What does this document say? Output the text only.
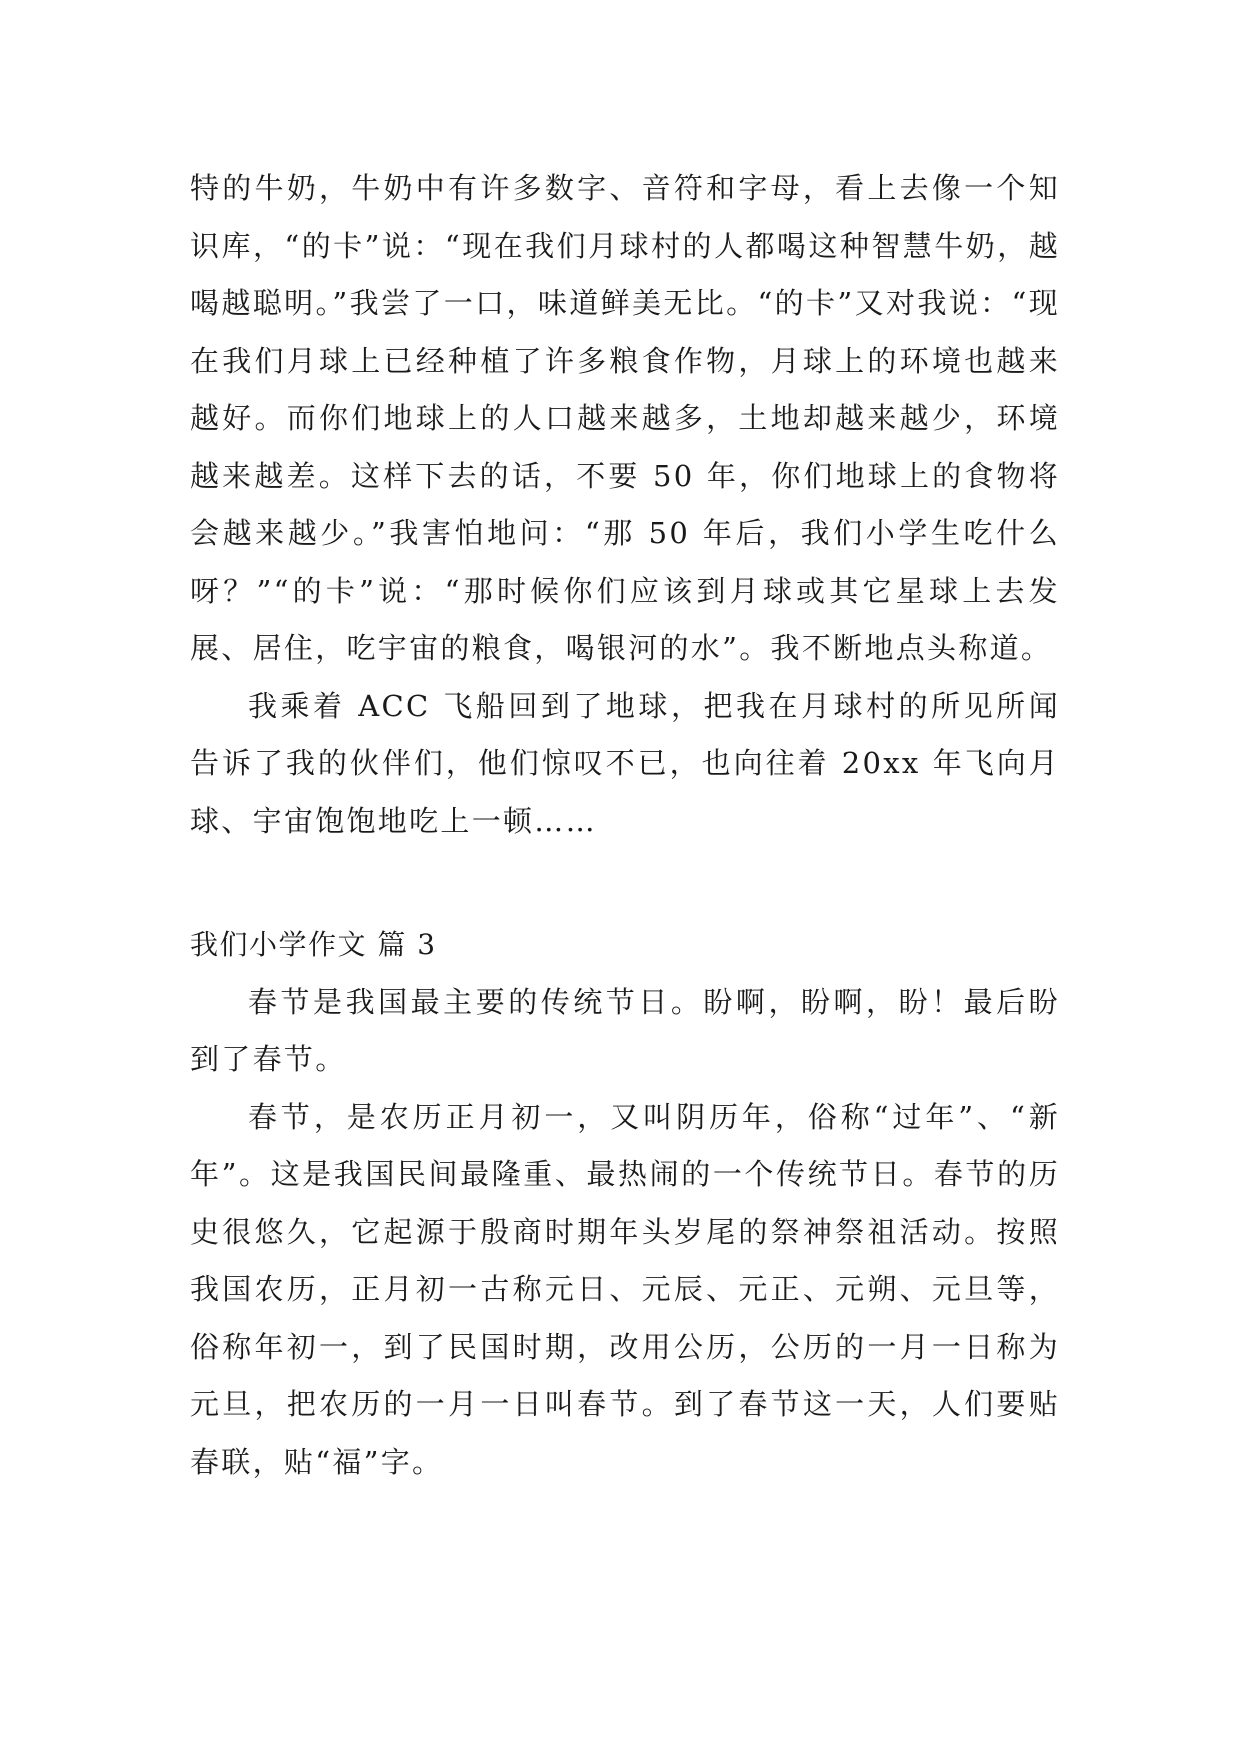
特的牛奶，牛奶中有许多数字、音符和字母，看上去像一个知识库，“的卡”说：“现在我们月球村的人都喝这种智慧牛奶，越喝越聪明。”我尝了一口，味道鲜美无比。“的卡”又对我说：“现在我们月球上已经种植了许多粮食作物，月球上的环境也越来越好。而你们地球上的人口越来越多，土地却越来越少，环境越来越差。这样下去的话，不要 50 年，你们地球上的食物将会越来越少。”我害怕地问：“那 50 年后，我们小学生吃什么呀？”“的卡”说：“那时候你们应该到月球或其它星球上去发展、居住，吃宇宙的粮食，喝银河的水”。我不断地点头称道。

我乘着 ACC 飞船回到了地球，把我在月球村的所见所闻告诉了我的伙伴们，他们惊叹不已，也向往着 20xx 年飞向月球、宇宙饱饱地吃上一顿……

我们小学作文 篇 3

春节是我国最主要的传统节日。盼啊，盼啊，盼！最后盼到了春节。

春节，是农历正月初一，又叫阴历年，俗称“过年”、“新年”。这是我国民间最隆重、最热闹的一个传统节日。春节的历史很悠久，它起源于殷商时期年头岁尾的祭神祭祖活动。按照我国农历，正月初一古称元日、元辰、元正、元朔、元旦等，俗称年初一，到了民国时期，改用公历，公历的一月一日称为元旦，把农历的一月一日叫春节。到了春节这一天，人们要贴春联，贴“福”字。
